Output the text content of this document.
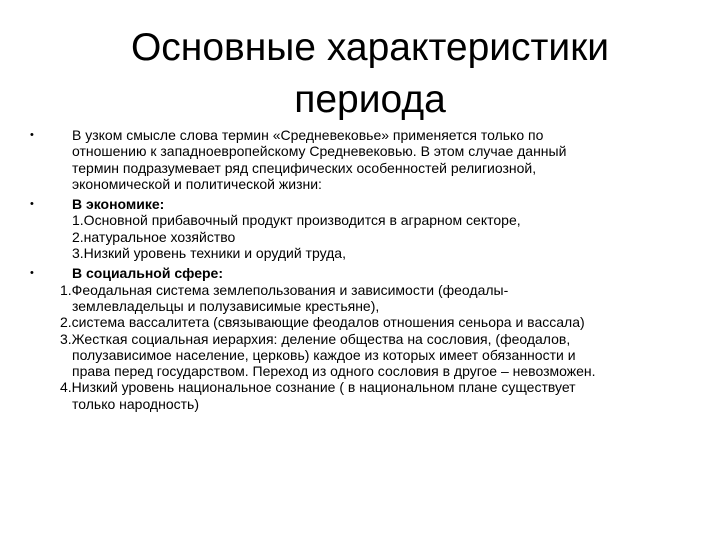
Основные характеристики
периода
•	В узком смысле слова термин «Средневековье» применяется только по
отношению к западноевропейскому Средневековью. В этом случае данный
термин подразумевает ряд специфических особенностей религиозной,
экономической и политической жизни:
•	В экономике:
1.Основной прибавочный продукт производится в аграрном секторе,
2.натуральное хозяйство
3.Низкий уровень техники и орудий труда,
•	В социальной сфере:
1.Феодальная система землепользования и зависимости (феодалы-
землевладельцы и полузависимые крестьяне),
2.система вассалитета (связывающие феодалов отношения сеньора и вассала)
3.Жесткая социальная иерархия: деление общества на сословия, (феодалов,
полузависимое население, церковь) каждое из которых имеет обязанности и
права перед государством. Переход из одного сословия в другое – невозможен.
4.Низкий уровень национальное сознание ( в национальном плане существует
только народность)
